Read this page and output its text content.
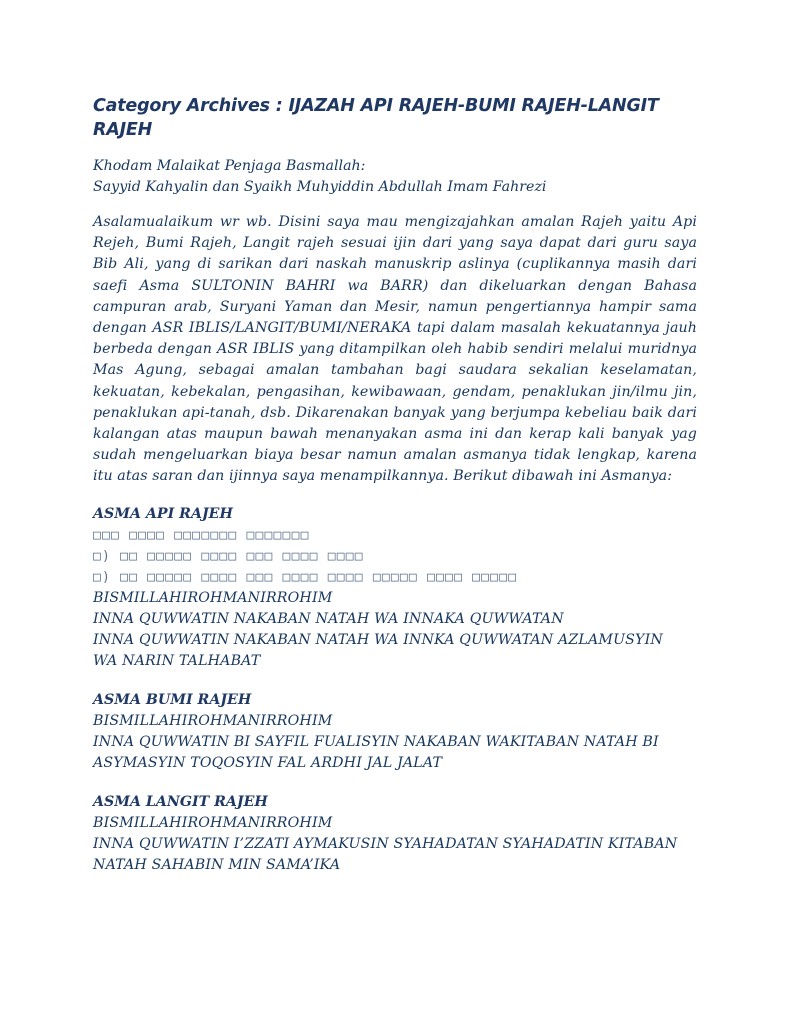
Category Archives : IJAZAH API RAJEH-BUMI RAJEH-LANGIT RAJEH
Khodam Malaikat Penjaga Basmallah:
Sayyid Kahyalin dan Syaikh Muhyiddin Abdullah Imam Fahrezi

Asalamualaikum wr wb. Disini saya mau mengizajahkan amalan Rajeh yaitu Api Rejeh, Bumi Rajeh, Langit rajeh sesuai ijin dari yang saya dapat dari guru saya Bib Ali, yang di sarikan dari naskah manuskrip aslinya (cuplikannya masih dari saefi Asma SULTONIN BAHRI wa BARR) dan dikeluarkan dengan Bahasa campuran arab, Suryani Yaman dan Mesir, namun pengertiannya hampir sama dengan ASR IBLIS/LANGIT/BUMI/NERAKA tapi dalam masalah kekuatannya jauh berbeda dengan ASR IBLIS yang ditampilkan oleh habib sendiri melalui muridnya Mas Agung, sebagai amalan tambahan bagi saudara sekalian keselamatan, kekuatan, kebekalan, pengasihan, kewibawaan, gendam, penaklukan jin/ilmu jin, penaklukan api-tanah, dsb. Dikarenakan banyak yang berjumpa kebeliau baik dari kalangan atas maupun bawah menanyakan asma ini dan kerap kali banyak yag sudah mengeluarkan biaya besar namun amalan asmanya tidak lengkap, karena itu atas saran dan ijinnya saya menampilkannya. Berikut dibawah ini Asmanya:

ASMA API RAJEH
□□□ □□□□ □□□□□□□ □□□□□□□
□) □□ □□□□□ □□□□ □□□ □□□□ □□□□
□) □□ □□□□□ □□□□ □□□ □□□□ □□□□ □□□□□ □□□□ □□□□□
BISMILLAHIROHMANIRROHIM
INNA QUWWATIN NAKABAN NATAH WA INNAKA QUWWATAN
INNA QUWWATIN NAKABAN NATAH WA INNKA QUWWATAN AZLAMUSYIN
WA NARIN TALHABAT
ASMA BUMI RAJEH
BISMILLAHIROHMANIRROHIM
INNA QUWWATIN BI SAYFIL FUALISYIN NAKABAN WAKITABAN NATAH BI
ASYMASYIN TOQOSYIN FAL ARDHI JAL JALAT
ASMA LANGIT RAJEH
BISMILLAHIROHMANIRROHIM
INNA QUWWATIN I’ZZATI AYMAKUSIN SYAHADATAN SYAHADATIN KITABAN
NATAH SAHABIN MIN SAMA’IKA
